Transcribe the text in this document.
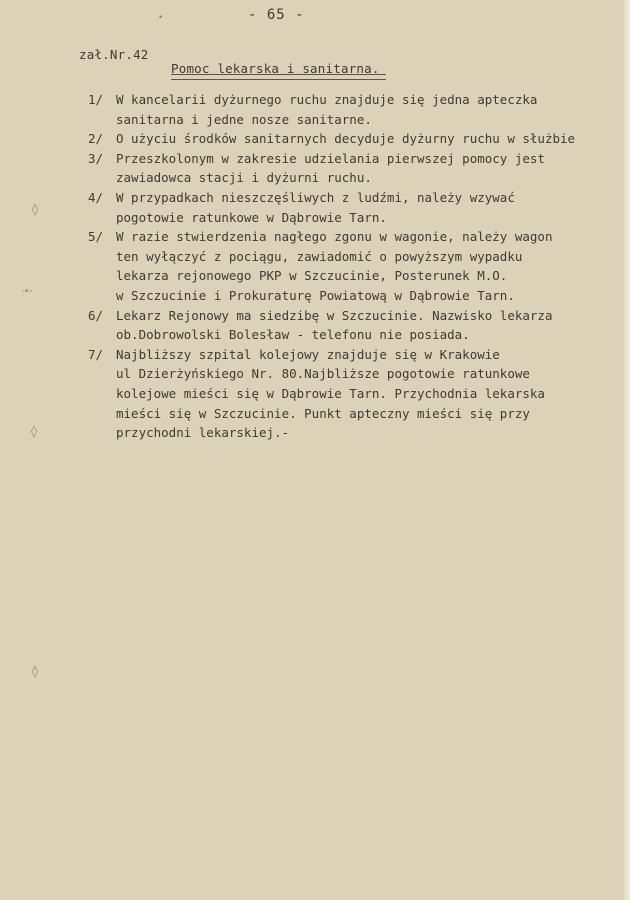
•
◊
·•··
◊
◊
- 65 -
zał.Nr.42
Pomoc lekarska i sanitarna.
1/	W kancelarii dyżurnego ruchu znajduje się jedna apteczka
sanitarna i jedne nosze sanitarne.
2/	O użyciu środków sanitarnych decyduje dyżurny ruchu w służbie
3/	Przeszkolonym w zakresie udzielania pierwszej pomocy jest
zawiadowca stacji i dyżurni ruchu.
4/	W przypadkach nieszczęśliwych z ludźmi, należy wzywać
pogotowie ratunkowe w Dąbrowie Tarn.
5/	W razie stwierdzenia nagłego zgonu w wagonie, należy wagon
ten wyłączyć z pociągu, zawiadomić o powyższym wypadku
lekarza rejonowego PKP w Szczucinie, Posterunek M.O.
w Szczucinie i Prokuraturę Powiatową w Dąbrowie Tarn.
6/	Lekarz Rejonowy ma siedzibę w Szczucinie. Nazwisko lekarza
ob.Dobrowolski Bolesław - telefonu nie posiada.
7/	Najbliższy szpital kolejowy znajduje się w Krakowie
ul Dzierżyńskiego Nr. 80.Najbliższe pogotowie ratunkowe
kolejowe mieści się w Dąbrowie Tarn. Przychodnia lekarska
mieści się w Szczucinie. Punkt apteczny mieści się przy
przychodni lekarskiej.-
